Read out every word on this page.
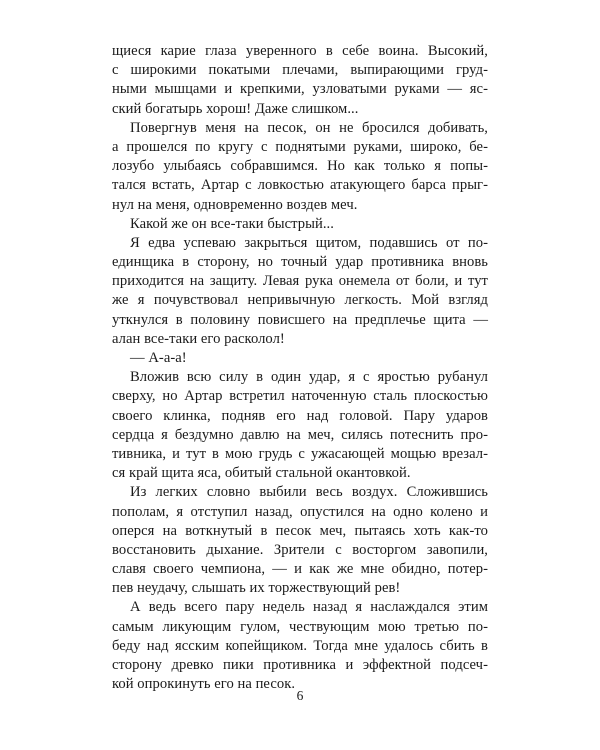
щиеся карие глаза уверенного в себе воина. Высокий,
с широкими покатыми плечами, выпирающими груд-
ными мышцами и крепкими, узловатыми руками — яс-
ский богатырь хорош! Даже слишком...
Повергнув меня на песок, он не бросился добивать,
а прошелся по кругу с поднятыми руками, широко, бе-
лозубо улыбаясь собравшимся. Но как только я попы-
тался встать, Артар с ловкостью атакующего барса прыг-
нул на меня, одновременно воздев меч.
Какой же он все-таки быстрый...
Я едва успеваю закрыться щитом, подавшись от по-
единщика в сторону, но точный удар противника вновь
приходится на защиту. Левая рука онемела от боли, и тут
же я почувствовал непривычную легкость. Мой взгляд
уткнулся в половину повисшего на предплечье щита —
алан все-таки его расколол!
— А-а-а!
Вложив всю силу в один удар, я с яростью рубанул
сверху, но Артар встретил наточенную сталь плоскостью
своего клинка, подняв его над головой. Пару ударов
сердца я бездумно давлю на меч, силясь потеснить про-
тивника, и тут в мою грудь с ужасающей мощью врезал-
ся край щита яса, обитый стальной окантовкой.
Из легких словно выбили весь воздух. Сложившись
пополам, я отступил назад, опустился на одно колено и
оперся на воткнутый в песок меч, пытаясь хоть как-то
восстановить дыхание. Зрители с восторгом завопили,
славя своего чемпиона, — и как же мне обидно, потер-
пев неудачу, слышать их торжествующий рев!
А ведь всего пару недель назад я наслаждался этим
самым ликующим гулом, чествующим мою третью по-
беду над ясским копейщиком. Тогда мне удалось сбить в
сторону древко пики противника и эффектной подсеч-
кой опрокинуть его на песок.
6
